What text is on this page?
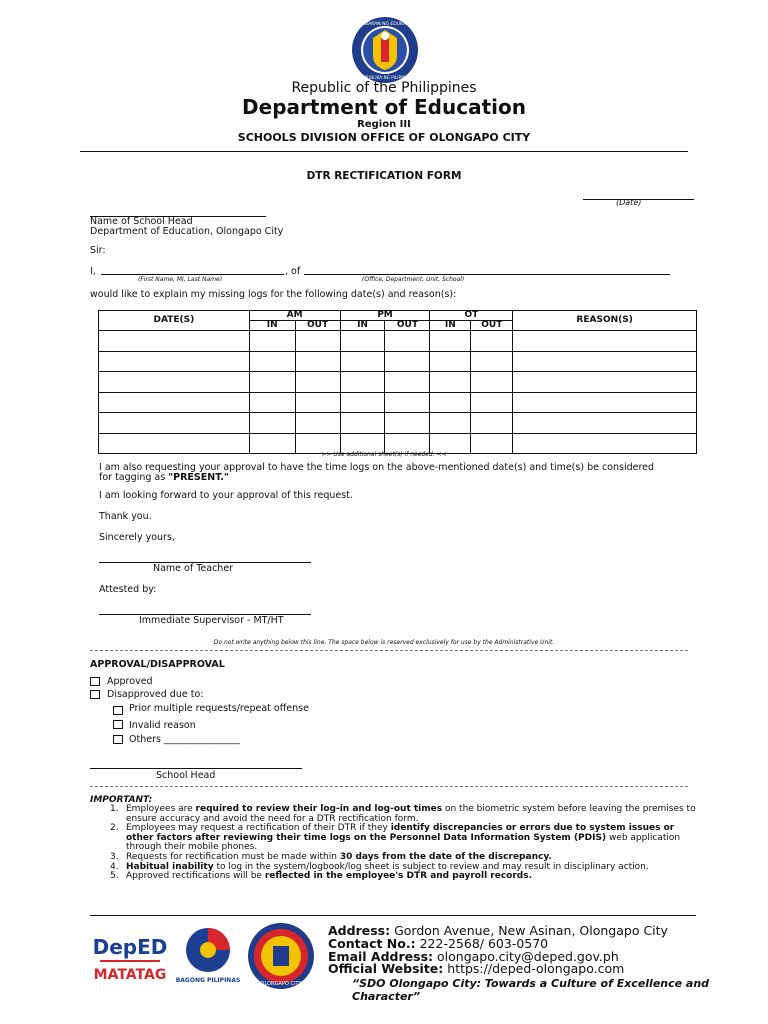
KAGAWARAN NG EDUKASYON
REPUBLIKA NG PILIPINAS
Republic of the Philippines
Department of Education
Region III
SCHOOLS DIVISION OFFICE OF OLONGAPO CITY
DTR RECTIFICATION FORM
(Date)
Name of School Head
Department of Education, Olongapo City
Sir:
I,	, of
(First Name, MI, Last Name)	(Office, Department, Unit, School)
would like to explain my missing logs for the following date(s) and reason(s):
DATE(S)	AM		PM		OT		REASON(S)
	IN	OUT	IN	OUT	IN	OUT	

>> Use additional sheet(s) if needed. <<
I am also requesting your approval to have the time logs on the above-mentioned date(s) and time(s) be considered
for tagging as "PRESENT."
I am looking forward to your approval of this request.
Thank you.
Sincerely yours,
Name of Teacher
Attested by:
Immediate Supervisor - MT/HT
Do not write anything below this line. The space below is reserved exclusively for use by the Administrative Unit.
APPROVAL/DISAPPROVAL
Approved
Disapproved due to:
Prior multiple requests/repeat offense
Invalid reason
Others ________________
School Head
IMPORTANT:
1. Employees are required to review their log-in and log-out times on the biometric system before leaving the premises to ensure accuracy and avoid the need for a DTR rectification form.
2. Employees may request a rectification of their DTR if they identify discrepancies or errors due to system issues or other factors after reviewing their time logs on the Personnel Data Information System (PDIS) web application through their mobile phones.
3. Requests for rectification must be made within 30 days from the date of the discrepancy.
4. Habitual inability to log in the system/logbook/log sheet is subject to review and may result in disciplinary action.
5. Approved rectifications will be reflected in the employee's DTR and payroll records.
DepED
MATATAG BAGONG PILIPINAS	OLONGAPO CITY
Address: Gordon Avenue, New Asinan, Olongapo City
Contact No.: 222-2568/ 603-0570
Email Address: olongapo.city@deped.gov.ph
Official Website: https://deped-olongapo.com
“SDO Olongapo City: Towards a Culture of Excellence and Character”
